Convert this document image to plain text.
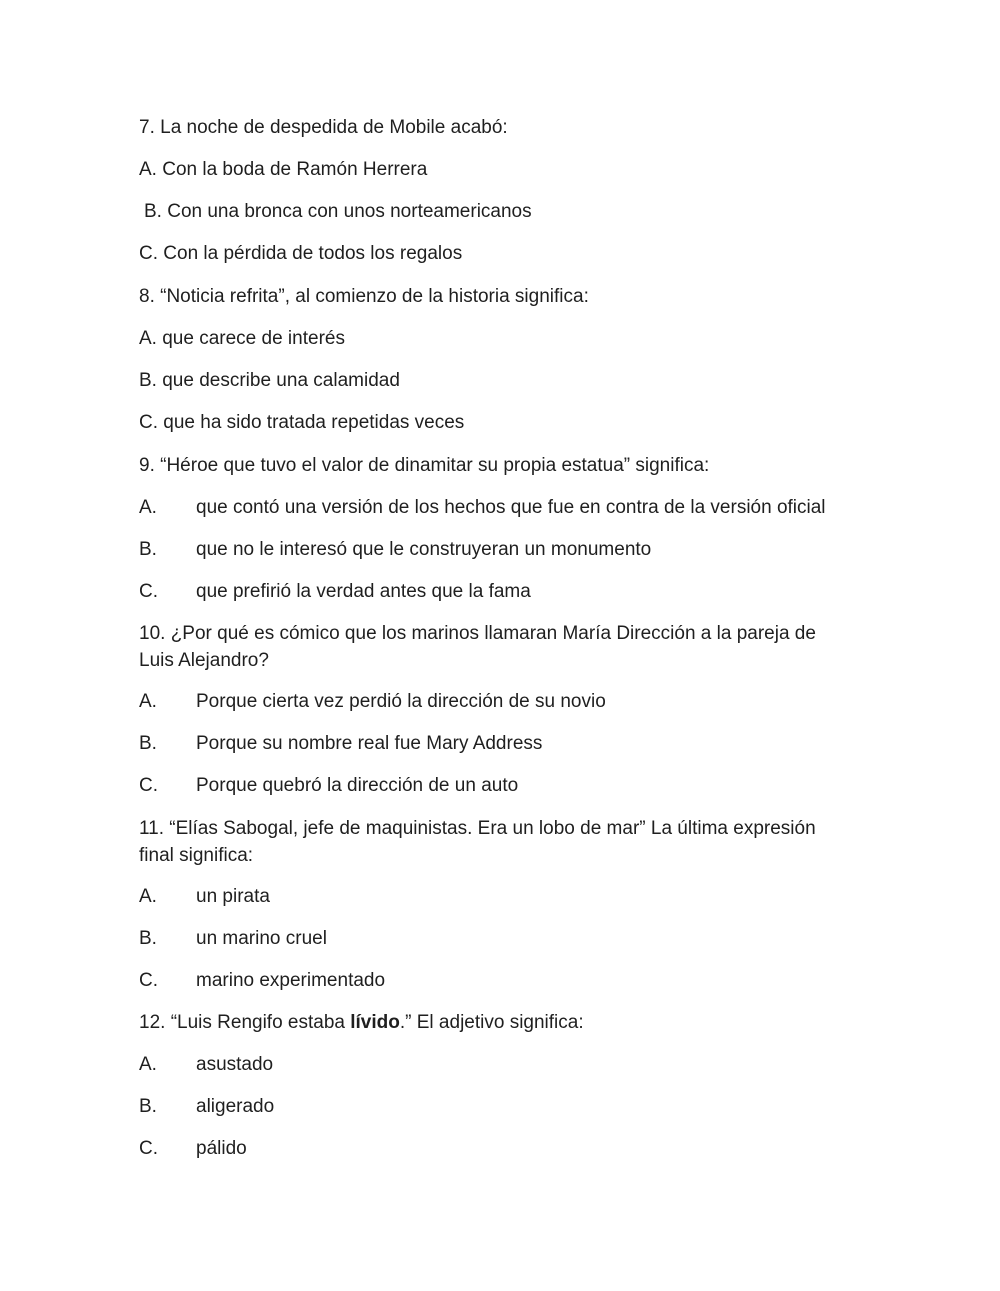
7. La noche de despedida de Mobile acabó:

A. Con la boda de Ramón Herrera

B. Con una bronca con unos norteamericanos

C. Con la pérdida de todos los regalos

8. “Noticia refrita”, al comienzo de la historia significa:

A. que carece de interés

B. que describe una calamidad

C. que ha sido tratada repetidas veces

9. “Héroe que tuvo el valor de dinamitar su propia estatua” significa:

A. que contó una versión de los hechos que fue en contra de la versión oficial

B. que no le interesó que le construyeran un monumento

C. que prefirió la verdad antes que la fama

10. ¿Por qué es cómico que los marinos llamaran María Dirección a la pareja de

Luis Alejandro?

A. Porque cierta vez perdió la dirección de su novio

B. Porque su nombre real fue Mary Address

C. Porque quebró la dirección de un auto

11. “Elías Sabogal, jefe de maquinistas. Era un lobo de mar” La última expresión

final significa:

A. un pirata

B. un marino cruel

C. marino experimentado

12. “Luis Rengifo estaba lívido.” El adjetivo significa:

A. asustado

B. aligerado

C. pálido
